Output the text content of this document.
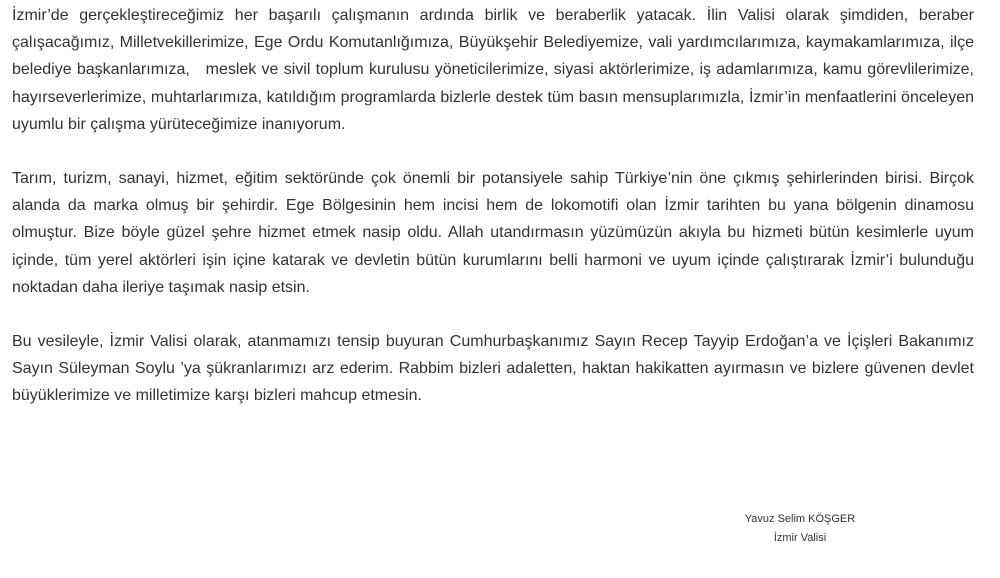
İzmir’de gerçekleştireceğimiz her başarılı çalışmanın ardında birlik ve beraberlik yatacak. İlin Valisi olarak şimdiden, beraber çalışacağımız, Milletvekillerimize, Ege Ordu Komutanlığımıza, Büyükşehir Belediyemize, vali yardımcılarımıza, kaymakamlarımıza, ilçe belediye başkanlarımıza,   meslek ve sivil toplum kurulusu yöneticilerimize, siyasi aktörlerimize, iş adamlarımıza, kamu görevlilerimize, hayırseverlerimize, muhtarlarımıza, katıldığım programlarda bizlerle destek tüm basın mensuplarımızla, İzmir’in menfaatlerini önceleyen uyumlu bir çalışma yürüteceğimize inanıyorum.

Tarım, turizm, sanayi, hizmet, eğitim sektöründe çok önemli bir potansiyele sahip Türkiye’nin öne çıkmış şehirlerinden birisi. Birçok alanda da marka olmuş bir şehirdir. Ege Bölgesinin hem incisi hem de lokomotifi olan İzmir tarihten bu yana bölgenin dinamosu olmuştur. Bize böyle güzel şehre hizmet etmek nasip oldu. Allah utandırmasın yüzümüzün akıyla bu hizmeti bütün kesimlerle uyum içinde, tüm yerel aktörleri işin içine katarak ve devletin bütün kurumlarını belli harmoni ve uyum içinde çalıştırarak İzmir’i bulunduğu noktadan daha ileriye taşımak nasip etsin.

Bu vesileyle, İzmir Valisi olarak, atanmamızı tensip buyuran Cumhurbaşkanımız Sayın Recep Tayyip Erdoğan’a ve İçişleri Bakanımız Sayın Süleyman Soylu ’ya şükranlarımızı arz ederim. Rabbim bizleri adaletten, haktan hakikatten ayırmasın ve bizlere güvenen devlet büyüklerimize ve milletimize karşı bizleri mahcup etmesin.

Yavuz Selim KÖŞGER
İzmir Valisi
